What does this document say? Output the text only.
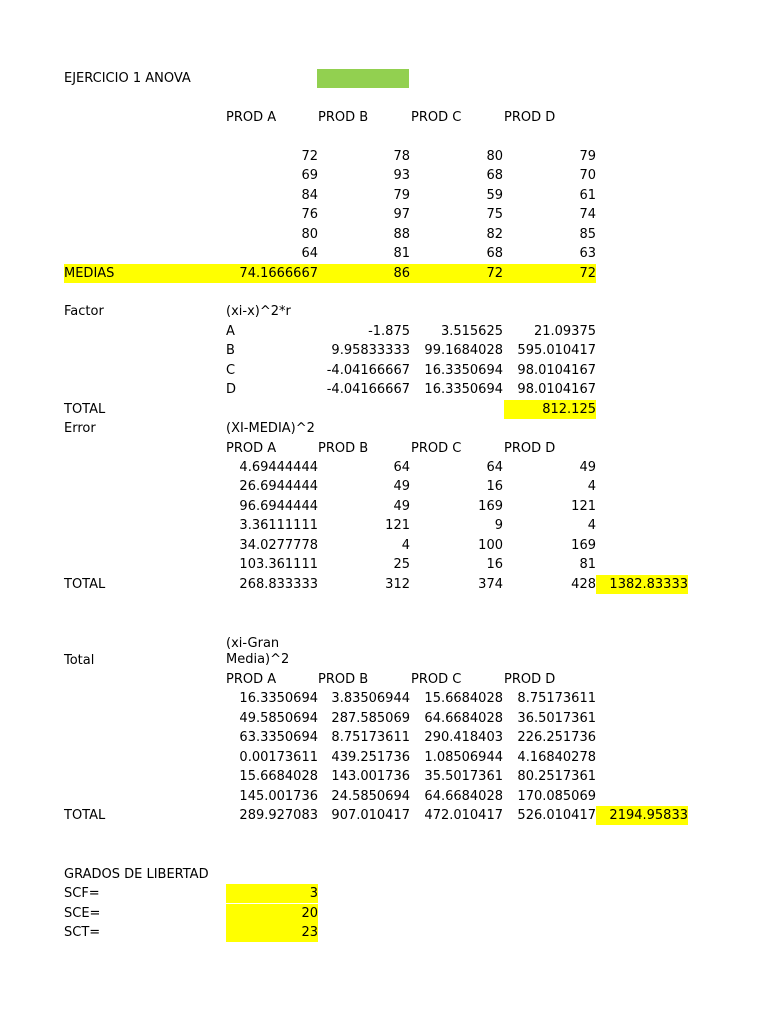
EJERCICIO 1 ANOVA
PROD A	PROD B	PROD C	PROD D
72	78	80	79
69	93	68	70
84	79	59	61
76	97	75	74
80	88	82	85
64	81	68	63
MEDIAS	74.1666667	86	72	72
Factor	(xi-x)^2*r
A	-1.875	3.515625	21.09375
B	9.95833333	99.1684028	595.010417
C	-4.04166667	16.3350694	98.0104167
D	-4.04166667	16.3350694	98.0104167
TOTAL	812.125
Error	(XI-MEDIA)^2
PROD A	PROD B	PROD C	PROD D
4.69444444	64	64	49
26.6944444	49	16	4
96.6944444	49	169	121
3.36111111	121	9	4
34.0277778	4	100	169
103.361111	25	16	81
TOTAL	268.833333	312	374	428	1382.83333
(xi-Gran Media)^2
Total
PROD A	PROD B	PROD C	PROD D
16.3350694	3.83506944	15.6684028	8.75173611
49.5850694	287.585069	64.6684028	36.5017361
63.3350694	8.75173611	290.418403	226.251736
0.00173611	439.251736	1.08506944	4.16840278
15.6684028	143.001736	35.5017361	80.2517361
145.001736	24.5850694	64.6684028	170.085069
TOTAL	289.927083	907.010417	472.010417	526.010417	2194.95833
GRADOS DE LIBERTAD
SCF=	3
SCE=	20
SCT=	23
